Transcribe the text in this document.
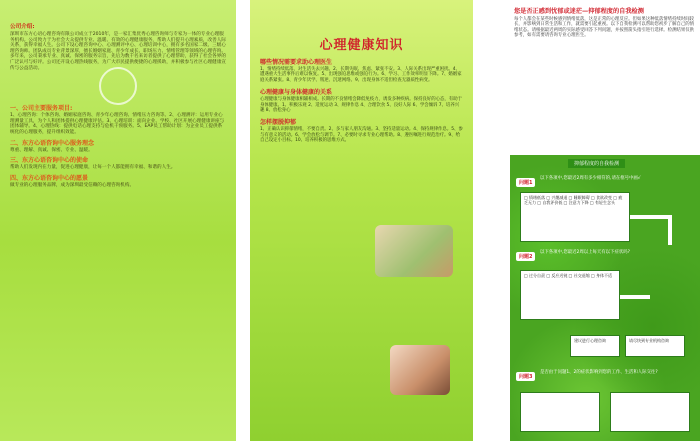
公司介绍:
深圳市东方心语心理咨询有限公司成立于2010年，是一家汇集优秀心理咨询师与专家为一体的专业心理服务机构。公司致力于为社会大众提供专业、温暖、有效的心理健康服务，帮助人们提升心理素质，改善人际关系，获得幸福人生。公司下设心理咨询中心、心理测评中心、心理培训中心，拥有多名国家二级、三级心理咨询师。团队成员专业背景深厚，擅长婚姻家庭、青少年成长、职场压力、情绪管理等领域的心理咨询。多年来，公司秉承专业、真诚、保密的服务宗旨，先后为数千名来访者提供了心理帮助，获得了社会各界的广泛认可与好评。公司还开设心理热线服务，为广大市民提供便捷的心理援助，并积极参与社区心理健康宣传与公益活动。
一、公司主要服务项目:
1、心理咨询：个体咨询、婚姻家庭咨询、青少年心理咨询、情绪压力咨询等。2、心理测评：运用专业心理测量工具，为个人和团体提供心理健康评估。3、心理培训：面向企业、学校、社区开展心理健康讲座与团体辅导。4、心理热线：提供电话心理支持与危机干预服务。5、EAP员工帮助计划：为企业员工提供系统化的心理服务，提升组织效能。
二、东方心语咨询中心服务理念
尊重、理解、真诚、保密、专业、温暖。
三、东方心语咨询中心的使命
帮助人们发现内在力量，促进心理健康，让每一个人都能拥有幸福、和谐的人生。
四、东方心语咨询中心的愿景
做专业的心理服务品牌，成为深圳最受信赖的心理咨询机构。
心理健康知识
哪些情况需要求助心理医生
1、情绪持续低落，对生活失去兴趣。2、长期失眠、焦虑、紧张不安。3、人际关系出现严重困扰。4、遭遇重大生活事件后难以恢复。5、出现强迫思维或强迫行为。6、学习、工作效率明显下降。7、婚姻家庭关系紧张。8、青少年厌学、叛逆、沉迷网络。9、出现身体不适但检查无器质性病变。
心理健康与身体健康的关系
心理健康与身体健康相辅相成。长期的不良情绪会降低免疫力，诱发多种疾病。保持良好的心态，有助于身体健康。1、积极乐观 2、适度运动 3、规律作息 4、合理饮食 5、良好人际 6、学会倾诉 7、培养兴趣 8、放松身心
怎样摆脱抑郁
1、正确认识抑郁情绪，不要自责。2、多与家人朋友沟通。3、坚持适量运动。4、保持规律作息。5、参与有意义的活动。6、学会放松与调节。7、必要时寻求专业心理帮助。8、遵医嘱进行规范治疗。9、给自己设定小目标。10、培养积极的思维方式。
您是否正感到忧郁或迷茫—抑郁程度的自我检测
每个人都会在某些时候感到情绪低落，这是正常的心理反应。但如果这种低落情绪持续时间较长，并影响到日常生活和工作，就需要引起重视。以下自我检测可以帮助您初步了解自己的情绪状态。请根据最近两周的实际感受回答下列问题，并按照箭头指引进行选择。检测结果仅供参考，如有需要请咨询专业心理医生。
抑郁程度的自我检测
问题1
以下各项中,您最近2周有多少相符的,请在框号中画√
□ 情绪低落 □ 兴趣减退 □ 睡眠障碍 □ 食欲改变 □ 疲乏无力 □ 自我评价低 □ 注意力下降 □ 有轻生念头
问题2
以下各项中,您最近2周以上每天有以下症状吗?
□ 过分自责 □ 反应迟钝 □ 社交退缩 □ 身体不适
建议进行心理咨询	请尽快到专业机构咨询
问题3
是否由于问题1、2的症状影响到您的工作、生活和人际交往?
